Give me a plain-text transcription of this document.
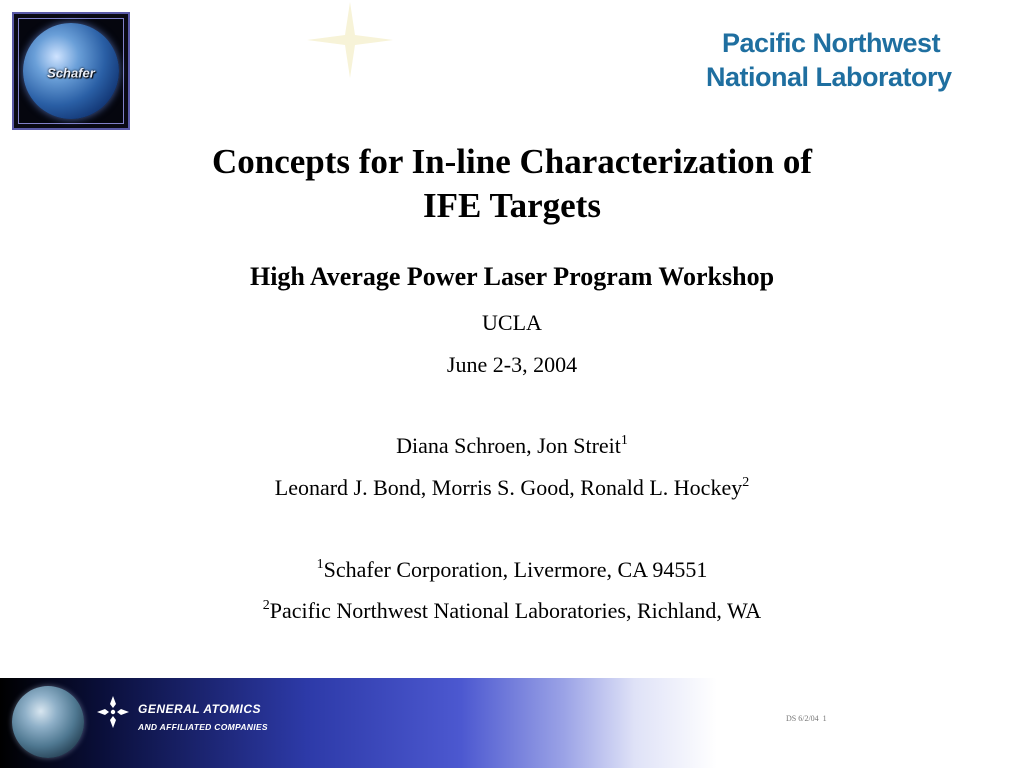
Schafer
Pacific Northwest
National Laboratory
Concepts for In-line Characterization of
IFE Targets
High Average Power Laser Program Workshop
UCLA
June 2-3, 2004
Diana Schroen, Jon Streit$^1$
Leonard J. Bond, Morris S. Good, Ronald L. Hockey$^2$
$^1$Schafer Corporation, Livermore, CA 94551
$^2$Pacific Northwest National Laboratories, Richland, WA
GENERAL ATOMICS
AND AFFILIATED COMPANIES
DS 6/2/04 1
